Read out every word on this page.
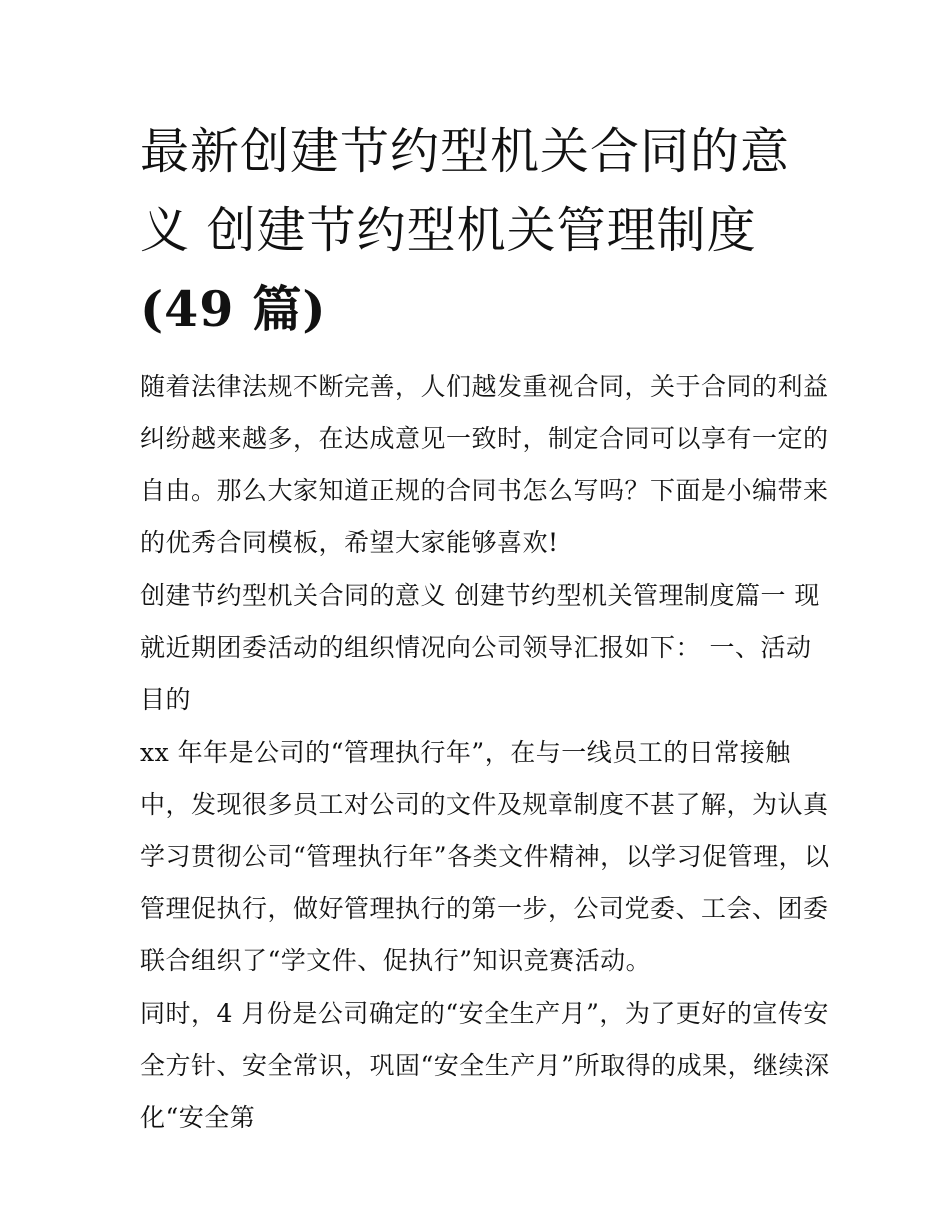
最新创建节约型机关合同的意
义 创建节约型机关管理制度
(49 篇)
随着法律法规不断完善，人们越发重视合同，关于合同的利益
纠纷越来越多，在达成意见一致时，制定合同可以享有一定的
自由。那么大家知道正规的合同书怎么写吗？下面是小编带来
的优秀合同模板，希望大家能够喜欢!
创建节约型机关合同的意义 创建节约型机关管理制度篇一 现
就近期团委活动的组织情况向公司领导汇报如下： 一、活动
目的
xx 年年是公司的“管理执行年”，在与一线员工的日常接触
中，发现很多员工对公司的文件及规章制度不甚了解，为认真
学习贯彻公司“管理执行年”各类文件精神，以学习促管理，以
管理促执行，做好管理执行的第一步，公司党委、工会、团委
联合组织了“学文件、促执行”知识竞赛活动。
同时，4 月份是公司确定的“安全生产月”，为了更好的宣传安
全方针、安全常识，巩固“安全生产月”所取得的成果，继续深
化“安全第
